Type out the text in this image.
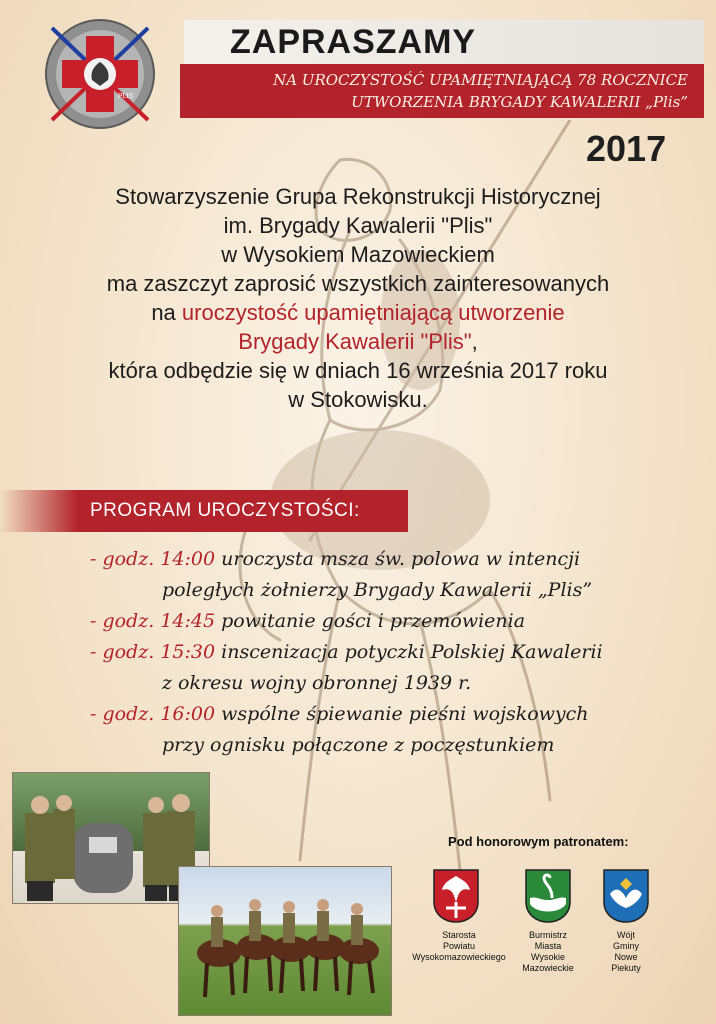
PLIS
ZAPRASZAMY
NA UROCZYSTOŚĆ UPAMIĘTNIAJĄCĄ 78 ROCZNICE
UTWORZENIA BRYGADY KAWALERII „Plis”
2017
Stowarzyszenie Grupa Rekonstrukcji Historycznej
im. Brygady Kawalerii "Plis"
w Wysokiem Mazowieckiem
ma zaszczyt zaprosić wszystkich zainteresowanych
na uroczystość upamiętniającą utworzenie
Brygady Kawalerii "Plis",
która odbędzie się w dniach 16 września 2017 roku
w Stokowisku.
PROGRAM UROCZYSTOŚCI:
- godz. 14:00 uroczysta msza św. polowa w intencji
poległych żołnierzy Brygady Kawalerii „Plis”
- godz. 14:45 powitanie gości i przemówienia
- godz. 15:30 inscenizacja potyczki Polskiej Kawalerii
z okresu wojny obronnej 1939 r.
- godz. 16:00 wspólne śpiewanie pieśni wojskowych
przy ognisku połączone z poczęstunkiem
Pod honorowym patronatem:
Starosta
Powiatu
Wysokomazowieckiego
Burmistrz
Miasta
Wysokie
Mazowieckie
Wójt
Gminy
Nowe
Piekuty
